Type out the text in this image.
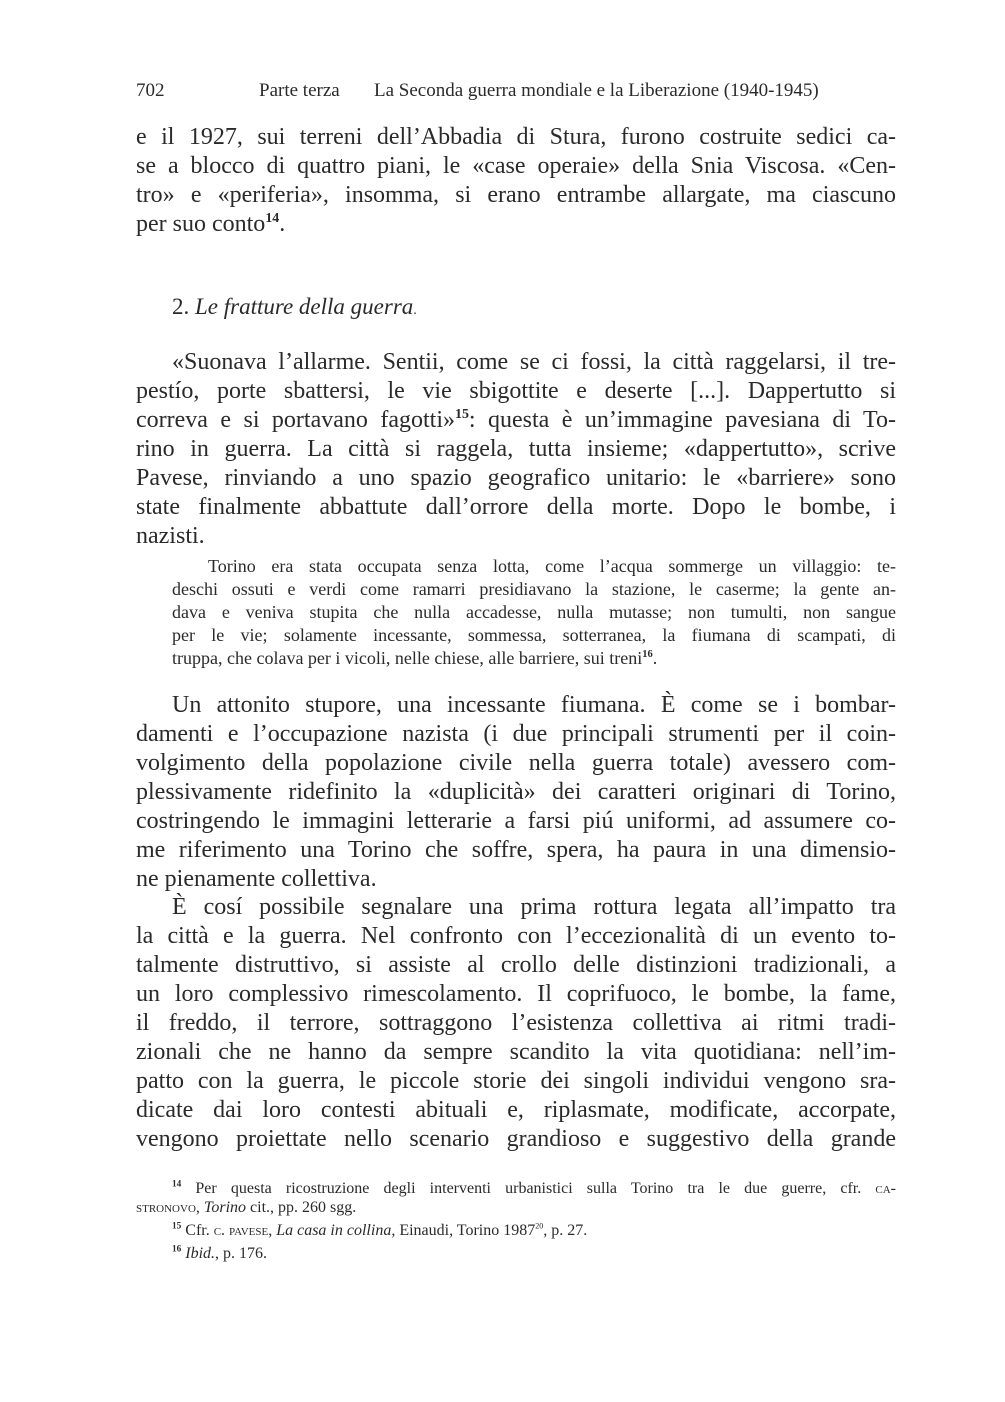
702	Parte terza La Seconda guerra mondiale e la Liberazione (1940-1945)
e il 1927, sui terreni dell’Abbadia di Stura, furono costruite sedici ca-
se a blocco di quattro piani, le «case operaie» della Snia Viscosa. «Cen-
tro» e «periferia», insomma, si erano entrambe allargate, ma ciascuno
per suo conto$^{14}$.
2. Le fratture della guerra.
«Suonava l’allarme. Sentii, come se ci fossi, la città raggelarsi, il tre-
pestío, porte sbattersi, le vie sbigottite e deserte [...]. Dappertutto si
correva e si portavano fagotti»$^{15}$: questa è un’immagine pavesiana di To-
rino in guerra. La città si raggela, tutta insieme; «dappertutto», scrive
Pavese, rinviando a uno spazio geografico unitario: le «barriere» sono
state finalmente abbattute dall’orrore della morte. Dopo le bombe, i
nazisti.
Torino era stata occupata senza lotta, come l’acqua sommerge un villaggio: te-
deschi ossuti e verdi come ramarri presidiavano la stazione, le caserme; la gente an-
dava e veniva stupita che nulla accadesse, nulla mutasse; non tumulti, non sangue
per le vie; solamente incessante, sommessa, sotterranea, la fiumana di scampati, di
truppa, che colava per i vicoli, nelle chiese, alle barriere, sui treni$^{16}$.
Un attonito stupore, una incessante fiumana. È come se i bombar-
damenti e l’occupazione nazista (i due principali strumenti per il coin-
volgimento della popolazione civile nella guerra totale) avessero com-
plessivamente ridefinito la «duplicità» dei caratteri originari di Torino,
costringendo le immagini letterarie a farsi piú uniformi, ad assumere co-
me riferimento una Torino che soffre, spera, ha paura in una dimensio-
ne pienamente collettiva.
È cosí possibile segnalare una prima rottura legata all’impatto tra
la città e la guerra. Nel confronto con l’eccezionalità di un evento to-
talmente distruttivo, si assiste al crollo delle distinzioni tradizionali, a
un loro complessivo rimescolamento. Il coprifuoco, le bombe, la fame,
il freddo, il terrore, sottraggono l’esistenza collettiva ai ritmi tradi-
zionali che ne hanno da sempre scandito la vita quotidiana: nell’im-
patto con la guerra, le piccole storie dei singoli individui vengono sra-
dicate dai loro contesti abituali e, riplasmate, modificate, accorpate,
vengono proiettate nello scenario grandioso e suggestivo della grande
$^{14}$ Per questa ricostruzione degli interventi urbanistici sulla Torino tra le due guerre, cfr. ca-
stronovo, Torino cit., pp. 260 sgg.
$^{15}$ Cfr. c. pavese, La casa in collina, Einaudi, Torino 1987$^{20}$, p. 27.
$^{16}$ Ibid., p. 176.
